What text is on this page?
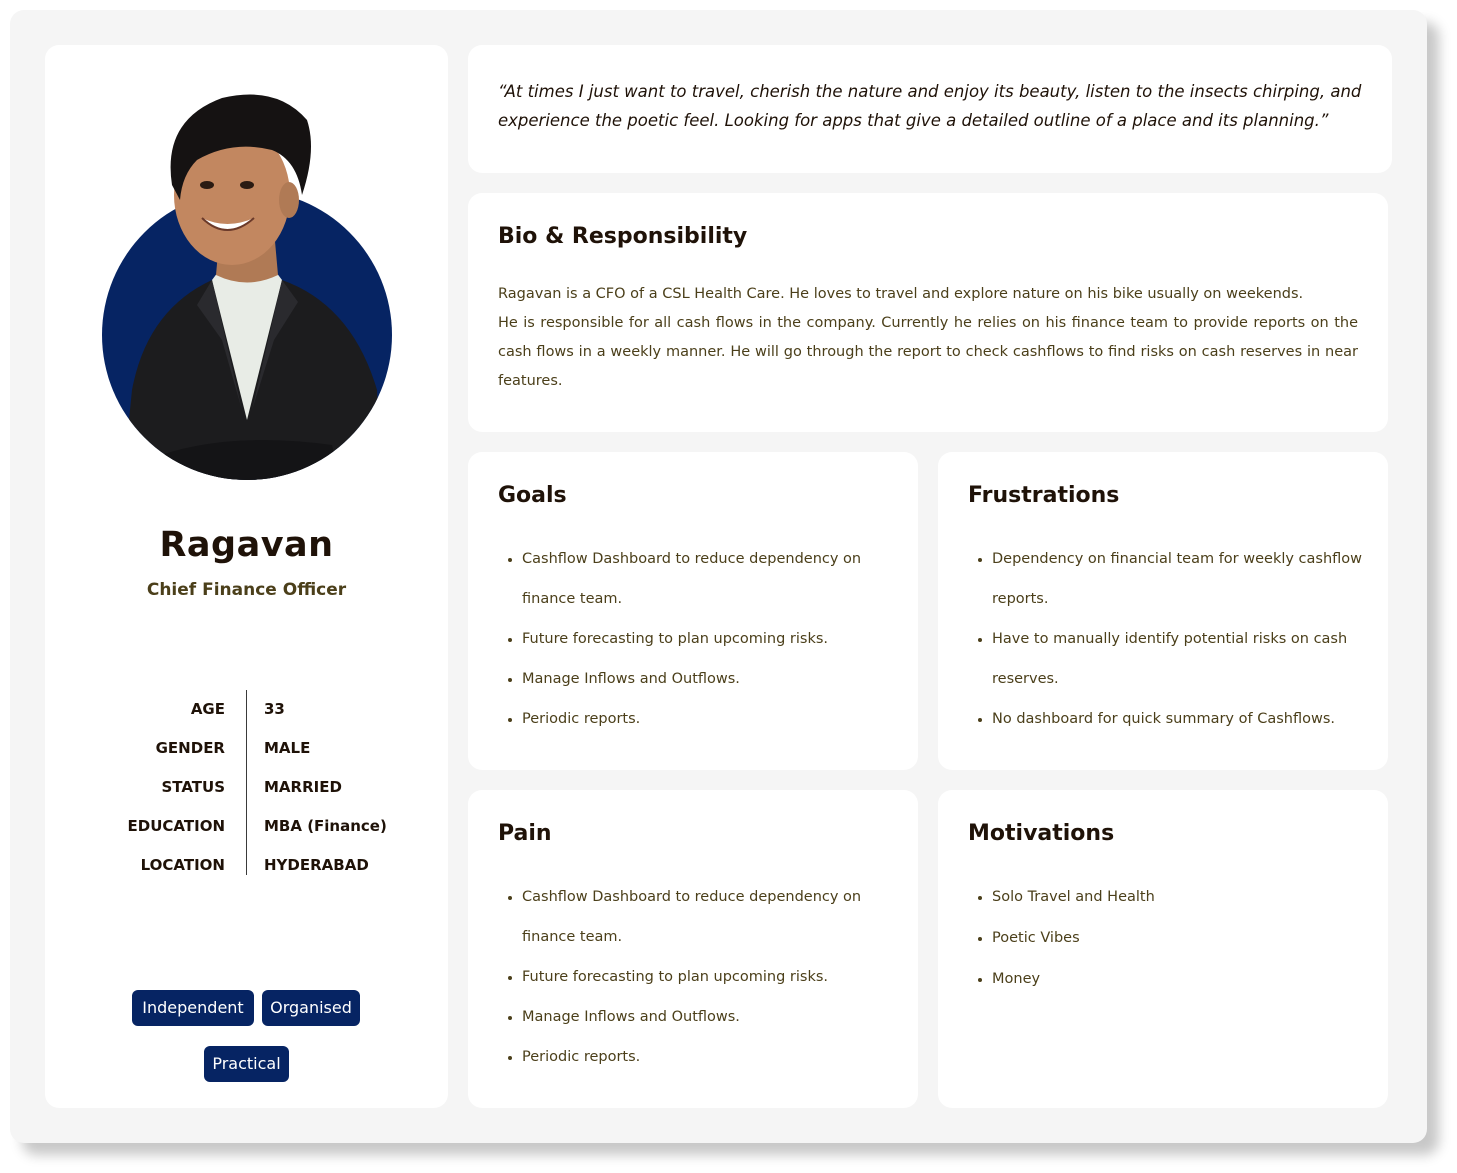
Ragavan
Chief Finance Officer
AGE	33
GENDER	MALE
STATUS	MARRIED
EDUCATION	MBA (Finance)
LOCATION	HYDERABAD
Independent	Organised
Practical
“At times I just want to travel, cherish the nature and enjoy its beauty, listen to the insects chirping, and experience the poetic feel. Looking for apps that give a detailed outline of a place and its planning.”
Bio & Responsibility
Ragavan is a CFO of a CSL Health Care. He loves to travel and explore nature on his bike usually on weekends.
He is responsible for all cash flows in the company. Currently he relies on his finance team to provide reports on the cash flows in a weekly manner. He will go through the report to check cashflows to find risks on cash reserves in near features.
Goals
• Cashflow Dashboard to reduce dependency on finance team.
• Future forecasting to plan upcoming risks.
• Manage Inflows and Outflows.
• Periodic reports.
Frustrations
• Dependency on financial team for weekly cashflow reports.
• Have to manually identify potential risks on cash reserves.
• No dashboard for quick summary of Cashflows.
Pain
• Cashflow Dashboard to reduce dependency on finance team.
• Future forecasting to plan upcoming risks.
• Manage Inflows and Outflows.
• Periodic reports.
Motivations
• Solo Travel and Health
• Poetic Vibes
• Money
